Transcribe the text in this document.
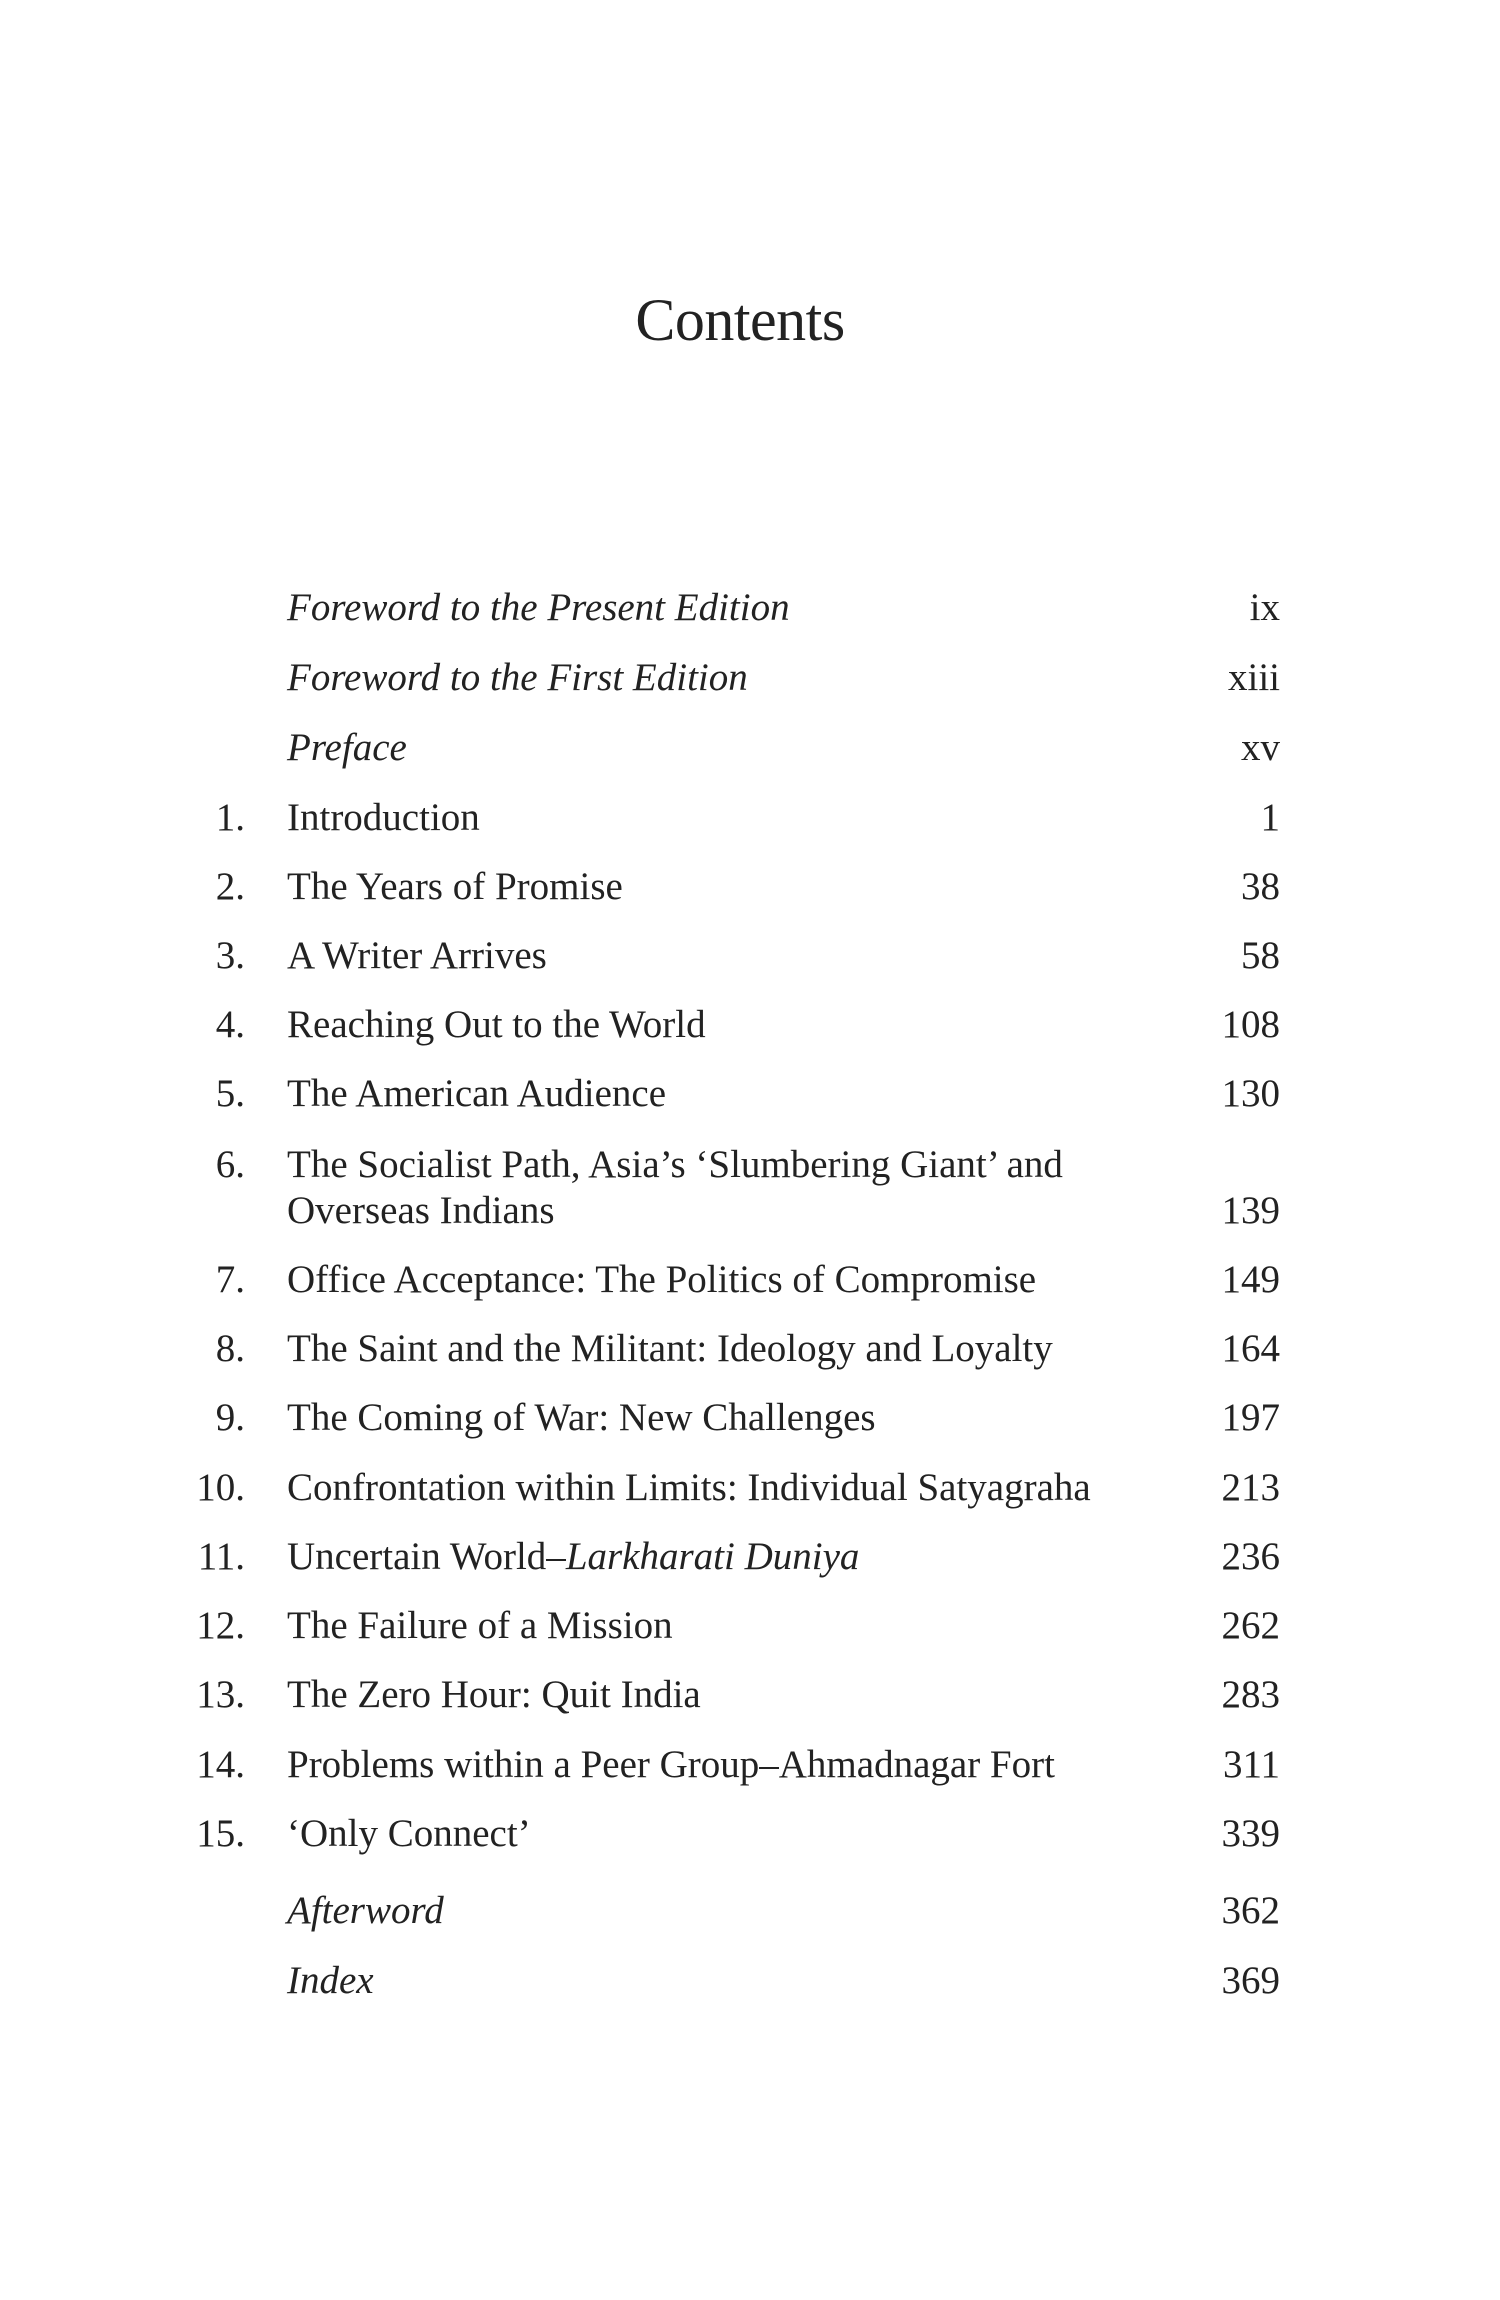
Contents
Foreword to the Present Edition	ix
Foreword to the First Edition	xiii
Preface	xv
1. Introduction	1
2. The Years of Promise	38
3. A Writer Arrives	58
4. Reaching Out to the World	108
5. The American Audience	130
6. The Socialist Path, Asia’s ‘Slumbering Giant’ and
Overseas Indians	139
7. Office Acceptance: The Politics of Compromise	149
8. The Saint and the Militant: Ideology and Loyalty	164
9. The Coming of War: New Challenges	197
10. Confrontation within Limits: Individual Satyagraha	213
11. Uncertain World–Larkharati Duniya	236
12. The Failure of a Mission	262
13. The Zero Hour: Quit India	283
14. Problems within a Peer Group–Ahmadnagar Fort	311
15. ‘Only Connect’	339
Afterword	362
Index	369
